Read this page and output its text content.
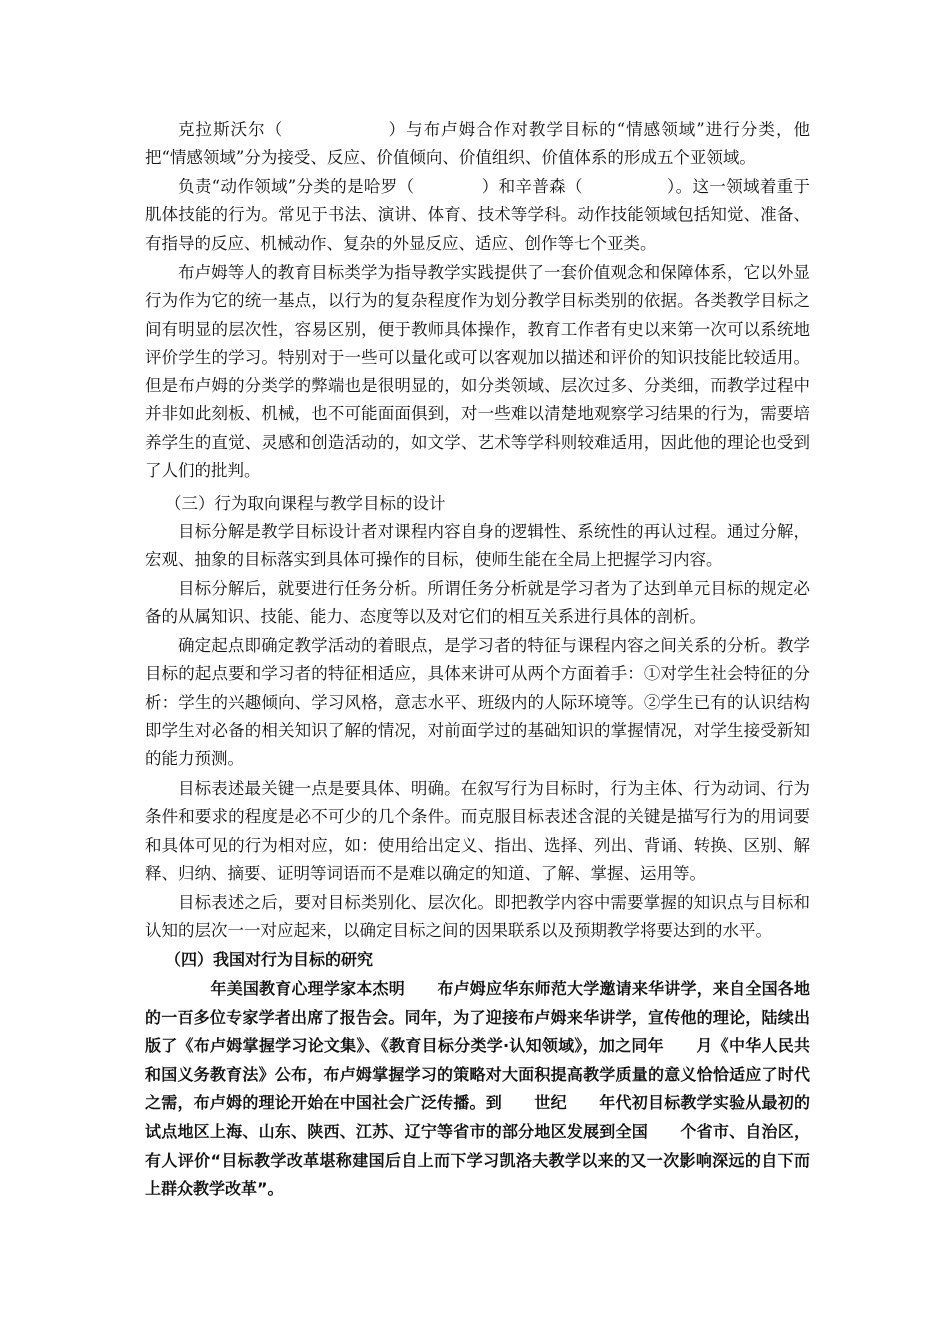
克拉斯沃尔（　　　　　　）与布卢姆合作对教学目标的“情感领域”进行分类，他把“情感领域”分为接受、反应、价值倾向、价值组织、价值体系的形成五个亚领域。

负责“动作领域”分类的是哈罗（　　　　）和辛普森（　　　　　）。这一领域着重于肌体技能的行为。常见于书法、演讲、体育、技术等学科。动作技能领域包括知觉、准备、有指导的反应、机械动作、复杂的外显反应、适应、创作等七个亚类。

布卢姆等人的教育目标类学为指导教学实践提供了一套价值观念和保障体系，它以外显行为作为它的统一基点，以行为的复杂程度作为划分教学目标类别的依据。各类教学目标之间有明显的层次性，容易区别，便于教师具体操作，教育工作者有史以来第一次可以系统地评价学生的学习。特别对于一些可以量化或可以客观加以描述和评价的知识技能比较适用。但是布卢姆的分类学的弊端也是很明显的，如分类领域、层次过多、分类细，而教学过程中并非如此刻板、机械，也不可能面面俱到，对一些难以清楚地观察学习结果的行为，需要培养学生的直觉、灵感和创造活动的，如文学、艺术等学科则较难适用，因此他的理论也受到了人们的批判。

（三）行为取向课程与教学目标的设计

目标分解是教学目标设计者对课程内容自身的逻辑性、系统性的再认过程。通过分解，宏观、抽象的目标落实到具体可操作的目标，使师生能在全局上把握学习内容。

目标分解后，就要进行任务分析。所谓任务分析就是学习者为了达到单元目标的规定必备的从属知识、技能、能力、态度等以及对它们的相互关系进行具体的剖析。

确定起点即确定教学活动的着眼点，是学习者的特征与课程内容之间关系的分析。教学目标的起点要和学习者的特征相适应，具体来讲可从两个方面着手：①对学生社会特征的分析：学生的兴趣倾向、学习风格，意志水平、班级内的人际环境等。②学生已有的认识结构即学生对必备的相关知识了解的情况，对前面学过的基础知识的掌握情况，对学生接受新知的能力预测。

目标表述最关键一点是要具体、明确。在叙写行为目标时，行为主体、行为动词、行为条件和要求的程度是必不可少的几个条件。而克服目标表述含混的关键是描写行为的用词要和具体可见的行为相对应，如：使用给出定义、指出、选择、列出、背诵、转换、区别、解释、归纳、摘要、证明等词语而不是难以确定的知道、了解、掌握、运用等。

目标表述之后，要对目标类别化、层次化。即把教学内容中需要掌握的知识点与目标和认知的层次一一对应起来，以确定目标之间的因果联系以及预期教学将要达到的水平。

（四）我国对行为目标的研究

　　年美国教育心理学家本杰明　　布卢姆应华东师范大学邀请来华讲学，来自全国各地的一百多位专家学者出席了报告会。同年，为了迎接布卢姆来华讲学，宣传他的理论，陆续出版了《布卢姆掌握学习论文集》、《教育目标分类学·认知领域》，加之同年　　月《中华人民共和国义务教育法》公布，布卢姆掌握学习的策略对大面积提高教学质量的意义恰恰适应了时代之需，布卢姆的理论开始在中国社会广泛传播。到　　世纪　　年代初目标教学实验从最初的试点地区上海、山东、陕西、江苏、辽宁等省市的部分地区发展到全国　　个省市、自治区，有人评价“目标教学改革堪称建国后自上而下学习凯洛夫教学以来的又一次影响深远的自下而上群众教学改革”。
